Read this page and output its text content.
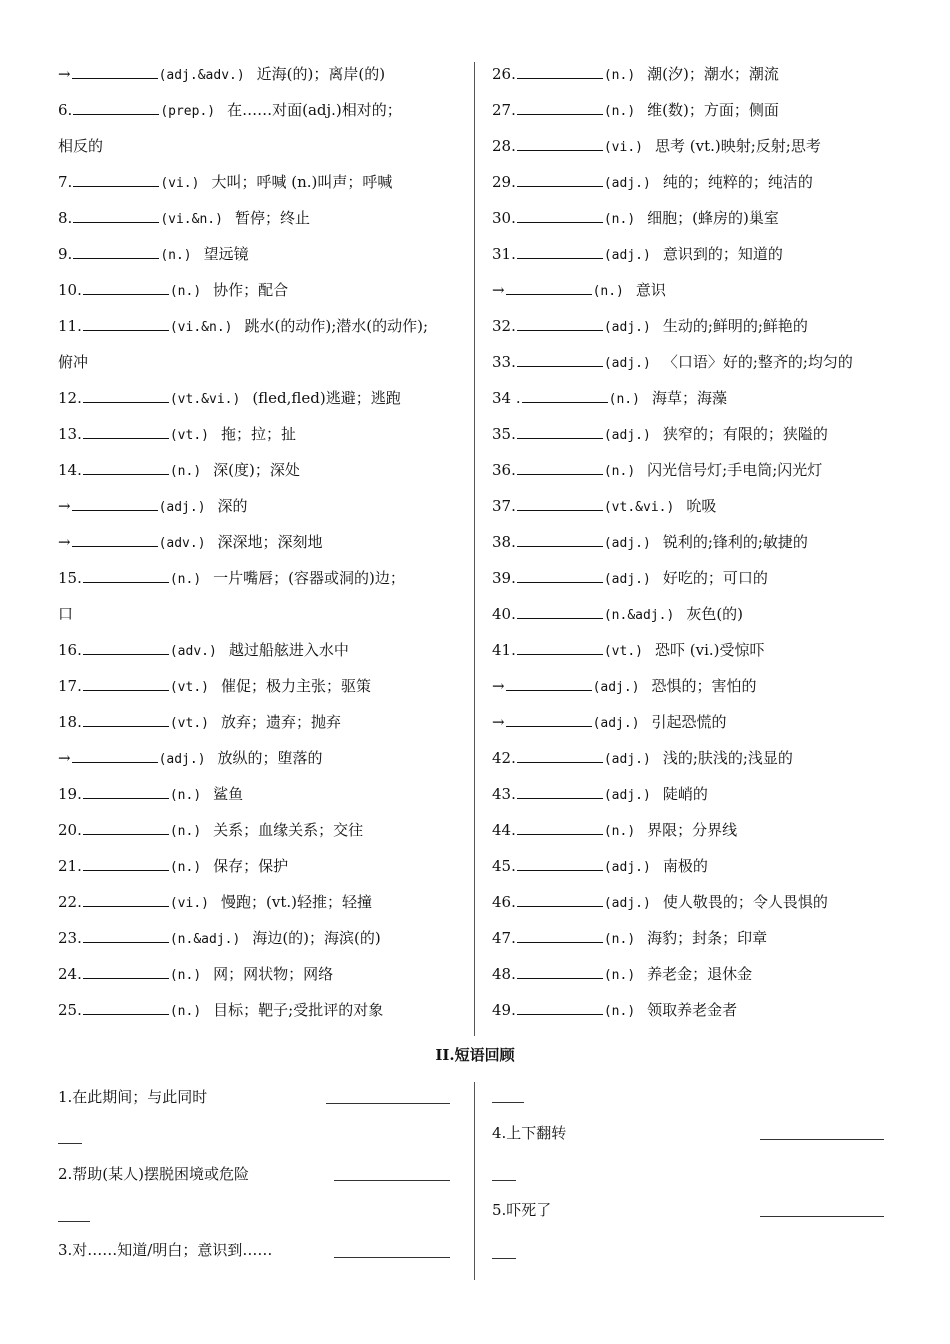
→	(adj.&adv.) 近海(的)；离岸(的)
6.	(prep.)在……对面(adj.)相对的；
相反的
7.	(vi.) 大叫；呼喊 (n.)叫声；呼喊
8.	(vi.&n.) 暂停；终止
9.	(n.) 望远镜
10.	(n.) 协作；配合
11.	(vi.&n.) 跳水(的动作);潜水(的动作);
俯冲
12.	(vt.&vi.)(fled,fled)逃避；逃跑
13.	(vt.) 拖；拉；扯
14.	(n.) 深(度)；深处
→	(adj.) 深的
→	(adv.) 深深地；深刻地
15.	(n.) 一片嘴唇；(容器或洞的)边；
口
16.	(adv.) 越过船舷进入水中
17.	(vt.) 催促；极力主张；驱策
18.	(vt.) 放弃；遗弃；抛弃
→	(adj.) 放纵的；堕落的
19.	(n.) 鲨鱼
20.	(n.) 关系；血缘关系；交往
21.	(n.) 保存；保护
22.	(vi.) 慢跑；(vt.)轻推；轻撞
23.	(n.&adj.) 海边(的)；海滨(的)
24.	(n.) 网；网状物；网络
25.	(n.) 目标；靶子;受批评的对象
26.	(n.) 潮(汐)；潮水；潮流
27.	(n.) 维(数)；方面；侧面
28.	(vi.) 思考 (vt.)映射;反射;思考
29.	(adj.) 纯的；纯粹的；纯洁的
30.	(n.) 细胞；(蜂房的)巢室
31.	(adj.) 意识到的；知道的
→	(n.) 意识
32.	(adj.) 生动的;鲜明的;鲜艳的
33.	(adj.) 〈口语〉好的;整齐的;均匀的
34 .	(n.) 海草；海藻
35.	(adj.) 狭窄的；有限的；狭隘的
36.	(n.) 闪光信号灯;手电筒;闪光灯
37.	(vt.&vi.) 吮吸
38.	(adj.) 锐利的;锋利的;敏捷的
39.	(adj.) 好吃的；可口的
40.	(n.&adj.) 灰色(的)
41.	(vt.) 恐吓 (vi.)受惊吓
→	(adj.) 恐惧的；害怕的
→	(adj.) 引起恐慌的
42.	(adj.) 浅的;肤浅的;浅显的
43.	(adj.) 陡峭的
44.	(n.) 界限；分界线
45.	(adj.) 南极的
46.	(adj.) 使人敬畏的；令人畏惧的
47.	(n.) 海豹；封条；印章
48.	(n.) 养老金；退休金
49.	(n.) 领取养老金者
II.短语回顾
1.在此期间；与此同时
2.帮助(某人)摆脱困境或危险
3.对……知道/明白；意识到……
4.上下翻转
5.吓死了
